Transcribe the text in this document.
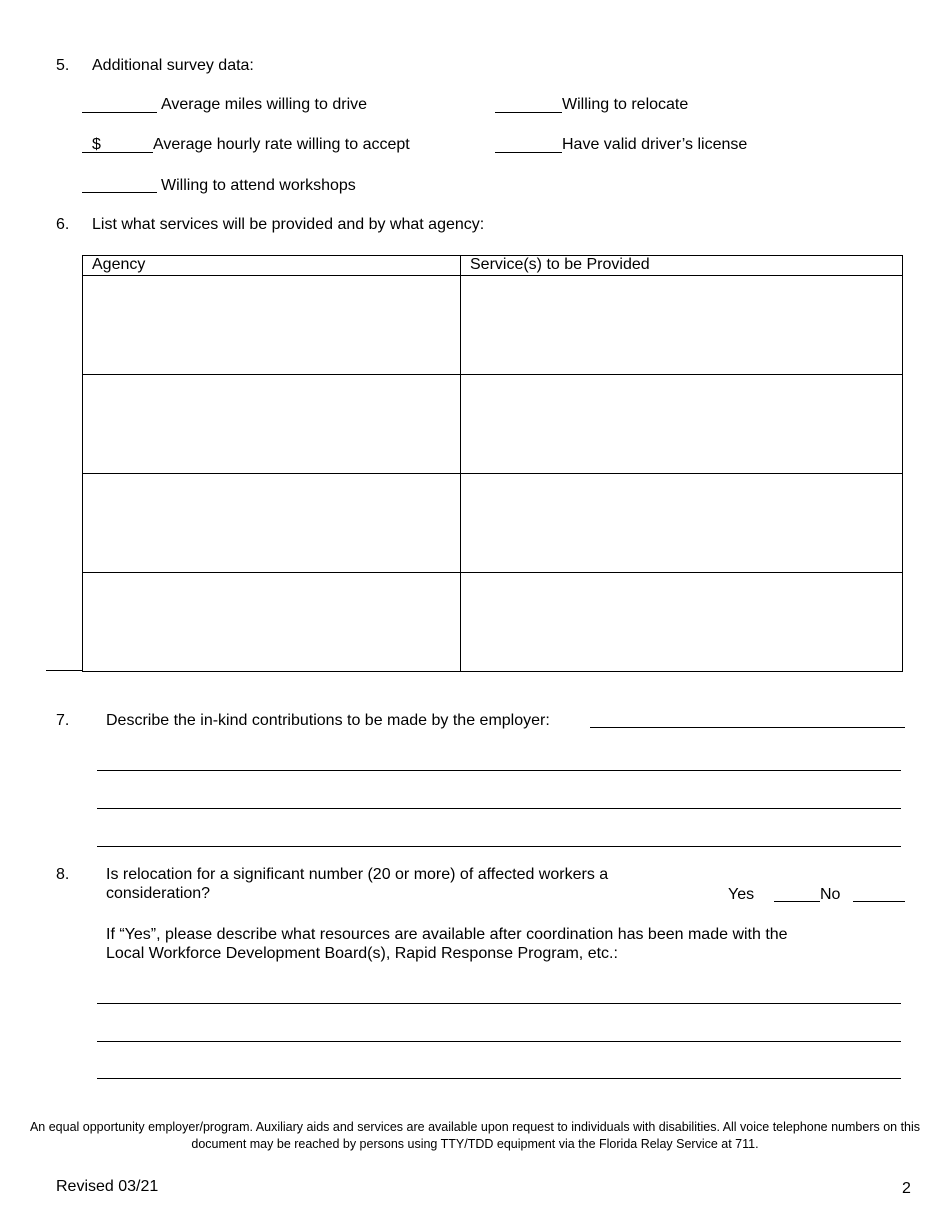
5. Additional survey data:
Average miles willing to drive	Willing to relocate
$	Average hourly rate willing to accept	Have valid driver’s license
Willing to attend workshops
6. List what services will be provided and by what agency:
Agency	Service(s) to be Provided

7. Describe the in-kind contributions to be made by the employer:
8. Is relocation for a significant number (20 or more) of affected workers a
consideration?	Yes	No
If “Yes”, please describe what resources are available after coordination has been made with the
Local Workforce Development Board(s), Rapid Response Program, etc.:
An equal opportunity employer/program. Auxiliary aids and services are available upon request to individuals with disabilities. All voice telephone numbers on this
document may be reached by persons using TTY/TDD equipment via the Florida Relay Service at 711.
Revised 03/21	2
